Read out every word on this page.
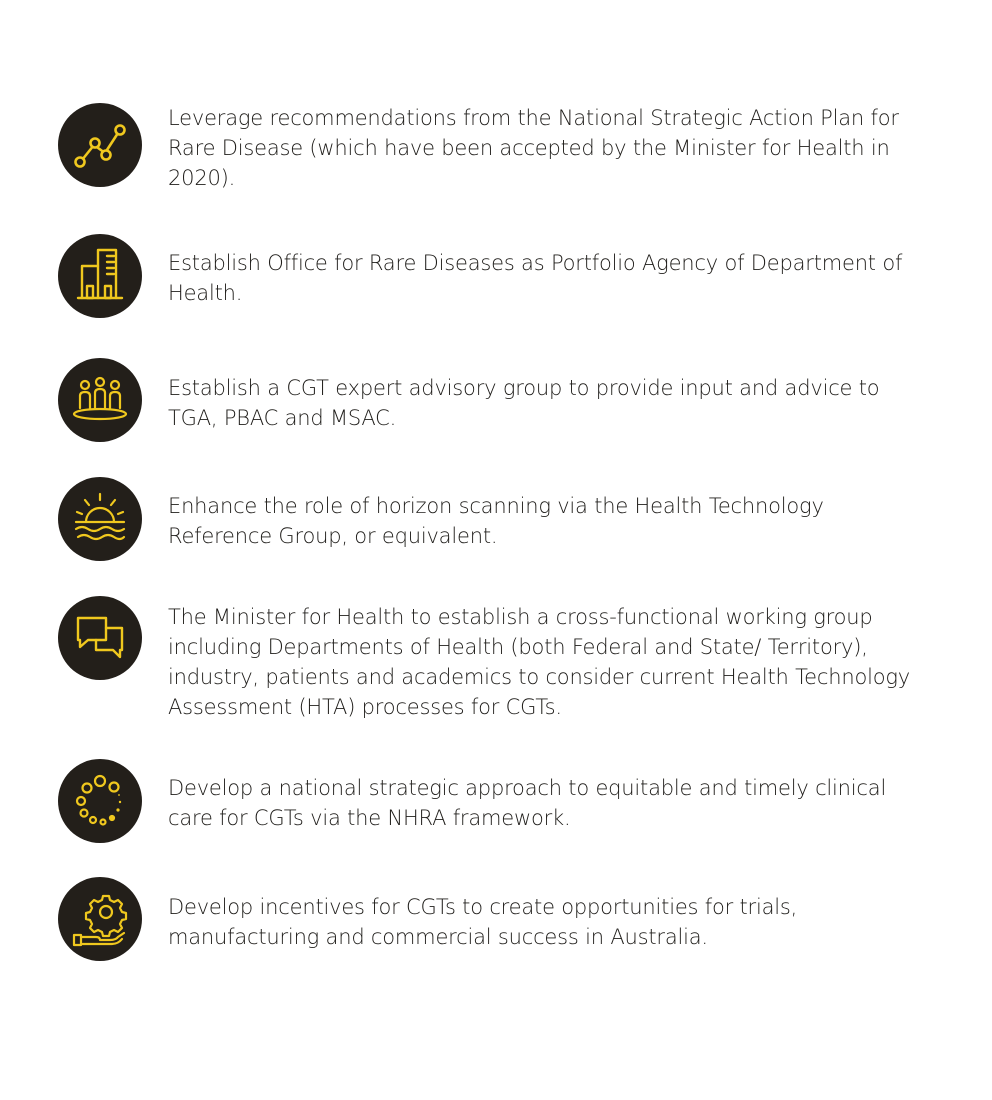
Leverage recommendations from the National Strategic Action Plan for Rare Disease (which have been accepted by the Minister for Health in 2020).

Establish Office for Rare Diseases as Portfolio Agency of Department of Health.

Establish a CGT expert advisory group to provide input and advice to TGA, PBAC and MSAC.

Enhance the role of horizon scanning via the Health Technology Reference Group, or equivalent.

The Minister for Health to establish a cross-functional working group including Departments of Health (both Federal and State/ Territory), industry, patients and academics to consider current Health Technology Assessment (HTA) processes for CGTs.

Develop a national strategic approach to equitable and timely clinical care for CGTs via the NHRA framework.

Develop incentives for CGTs to create opportunities for trials, manufacturing and commercial success in Australia.
